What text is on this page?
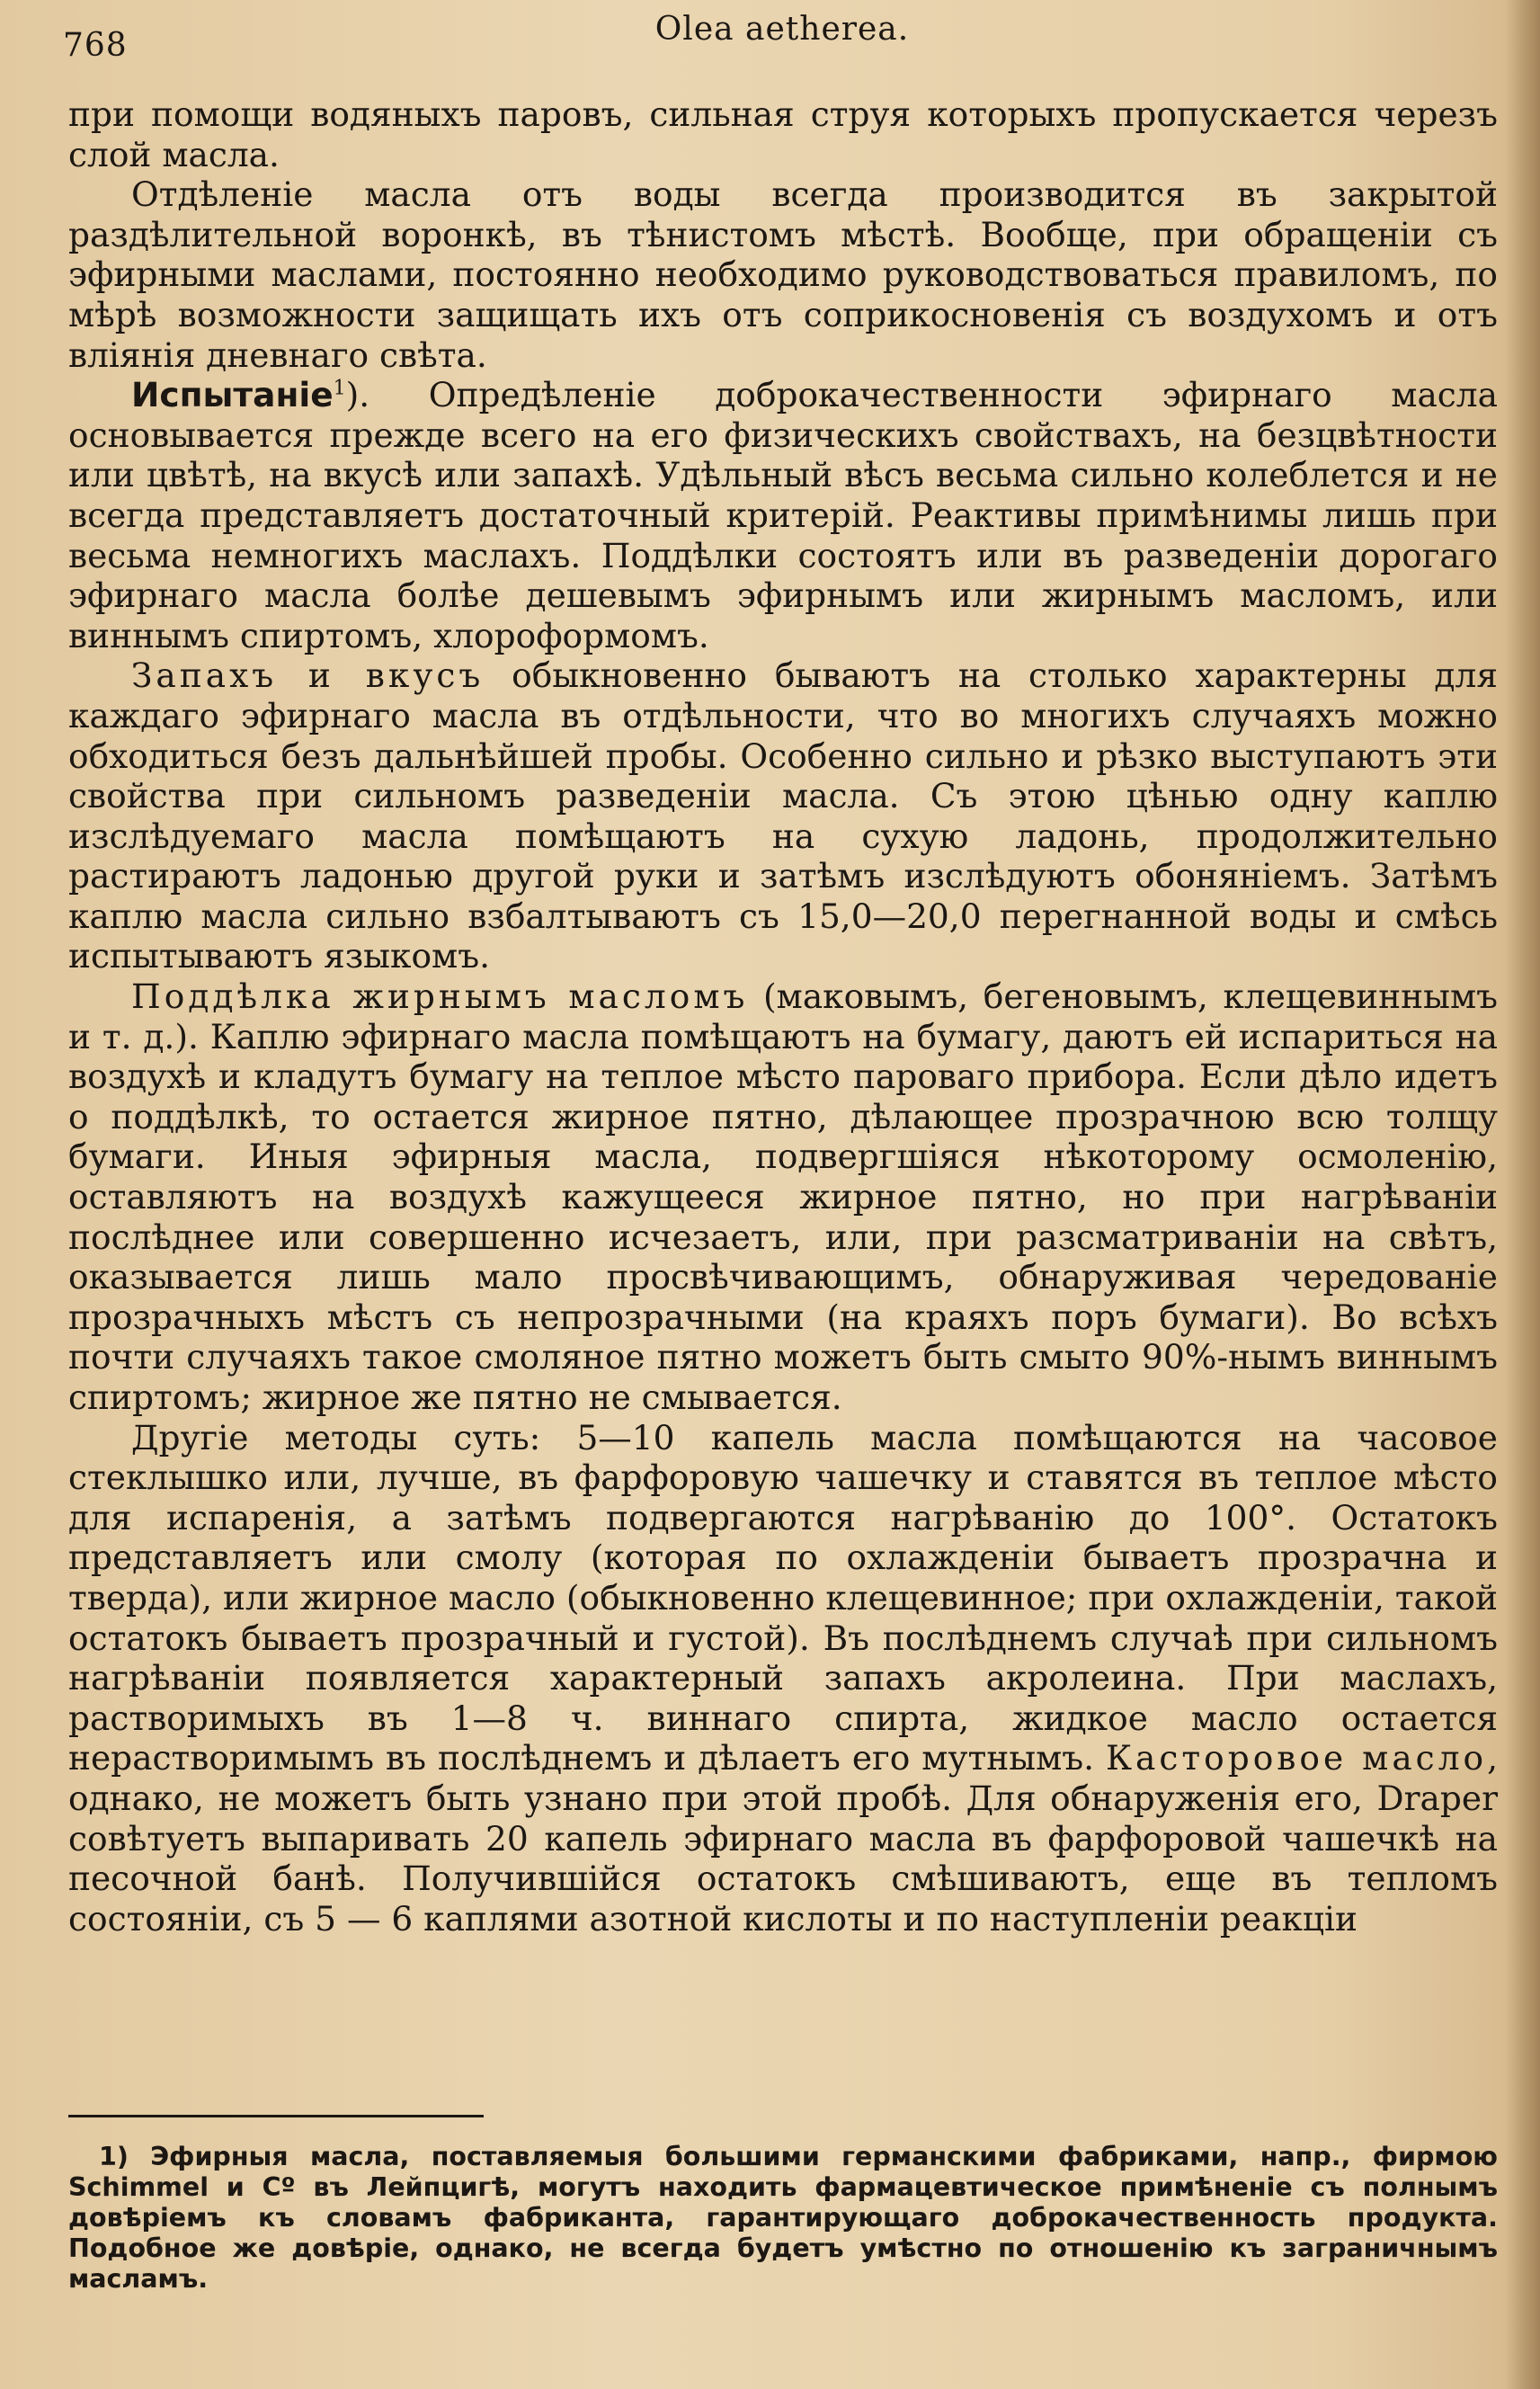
768	Olea aetherea.

при помощи водяныхъ паровъ, сильная струя которыхъ пропускается черезъ слой масла.

Отдѣленіе масла отъ воды всегда производится въ закрытой раздѣлительной воронкѣ, въ тѣнистомъ мѣстѣ. Вообще, при обращеніи съ эфирными маслами, постоянно необходимо руководствоваться правиломъ, по мѣрѣ возможности защищать ихъ отъ соприкосновенія съ воздухомъ и отъ вліянія дневнаго свѣта.

Испытаніе$^1$). Опредѣленіе доброкачественности эфирнаго масла основывается прежде всего на его физическихъ свойствахъ, на безцвѣтности или цвѣтѣ, на вкусѣ или запахѣ. Удѣльный вѣсъ весьма сильно колеблется и не всегда представляетъ достаточный критерій. Реактивы примѣнимы лишь при весьма немногихъ маслахъ. Поддѣлки состоятъ или въ разведеніи дорогаго эфирнаго масла болѣе дешевымъ эфирнымъ или жирнымъ масломъ, или виннымъ спиртомъ, хлороформомъ.

Запахъ и вкусъ обыкновенно бываютъ на столько характерны для каждаго эфирнаго масла въ отдѣльности, что во многихъ случаяхъ можно обходиться безъ дальнѣйшей пробы. Особенно сильно и рѣзко выступаютъ эти свойства при сильномъ разведеніи масла. Съ этою цѣнью одну каплю изслѣдуемаго масла помѣщаютъ на сухую ладонь, продолжительно растираютъ ладонью другой руки и затѣмъ изслѣдуютъ обоняніемъ. Затѣмъ каплю масла сильно взбалтываютъ съ 15,0—20,0 перегнанной воды и смѣсь испытываютъ языкомъ.

Поддѣлка жирнымъ масломъ (маковымъ, бегеновымъ, клещевиннымъ и т. д.). Каплю эфирнаго масла помѣщаютъ на бумагу, даютъ ей испариться на воздухѣ и кладутъ бумагу на теплое мѣсто пароваго прибора. Если дѣло идетъ о поддѣлкѣ, то остается жирное пятно, дѣлающее прозрачною всю толщу бумаги. Иныя эфирныя масла, подвергшіяся нѣкоторому осмоленію, оставляютъ на воздухѣ кажущееся жирное пятно, но при нагрѣваніи послѣднее или совершенно исчезаетъ, или, при разсматриваніи на свѣтъ, оказывается лишь мало просвѣчивающимъ, обнаруживая чередованіе прозрачныхъ мѣстъ съ непрозрачными (на краяхъ поръ бумаги). Во всѣхъ почти случаяхъ такое смоляное пятно можетъ быть смыто 90%-нымъ виннымъ спиртомъ; жирное же пятно не смывается.

Другіе методы суть: 5—10 капель масла помѣщаются на часовое стеклышко или, лучше, въ фарфоровую чашечку и ставятся въ теплое мѣсто для испаренія, а затѣмъ подвергаются нагрѣванію до 100°. Остатокъ представляетъ или смолу (которая по охлажденіи бываетъ прозрачна и тверда), или жирное масло (обыкновенно клещевинное; при охлажденіи, такой остатокъ бываетъ прозрачный и густой). Въ послѣднемъ случаѣ при сильномъ нагрѣваніи появляется характерный запахъ акролеина. При маслахъ, растворимыхъ въ 1—8 ч. виннаго спирта, жидкое масло остается нерастворимымъ въ послѣднемъ и дѣлаетъ его мутнымъ. Касторовое масло, однако, не можетъ быть узнано при этой пробѣ. Для обнаруженія его, Draper совѣтуетъ выпаривать 20 капель эфирнаго масла въ фарфоровой чашечкѣ на песочной банѣ. Получившійся остатокъ смѣшиваютъ, еще въ тепломъ состояніи, съ 5 — 6 каплями азотной кислоты и по наступленіи реакціи

1) Эфирныя масла, поставляемыя большими германскими фабриками, напр., фирмою Schimmel и Cº въ Лейпцигѣ, могутъ находить фармацевтическое примѣненіе съ полнымъ довѣріемъ къ словамъ фабриканта, гарантирующаго доброкачественность продукта. Подобное же довѣріе, однако, не всегда будетъ умѣстно по отношенію къ заграничнымъ масламъ.
